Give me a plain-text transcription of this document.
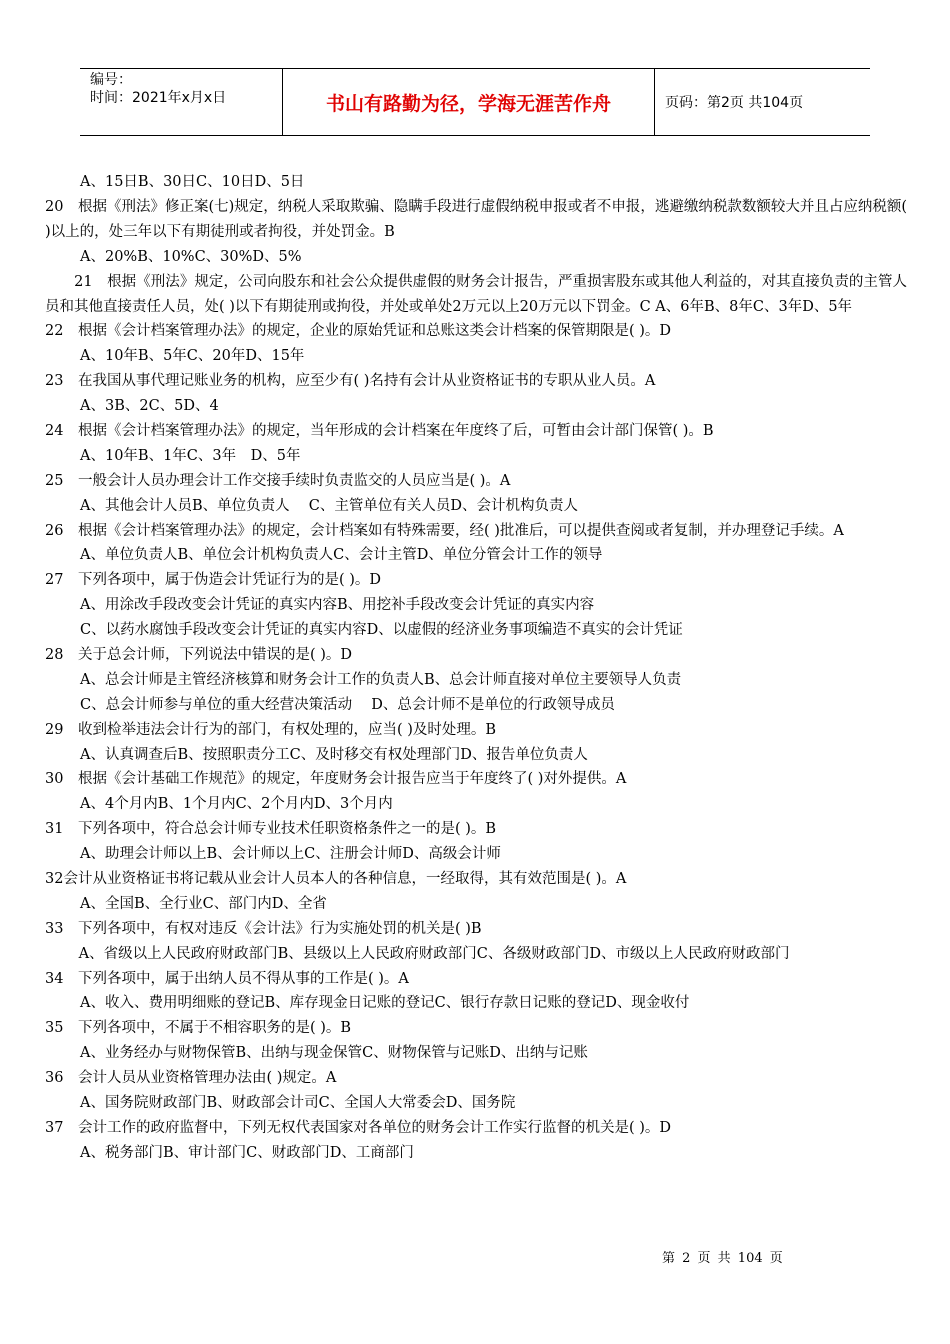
编号：
时间：2021年x月x日	书山有路勤为径，学海无涯苦作舟	页码：第2页 共104页
A、15日B、30日C、10日D、5日
20　根据《刑法》修正案(七)规定，纳税人采取欺骗、隐瞒手段进行虚假纳税申报或者不申报，逃避缴纳税款数额较大并且占应纳税额( )以上的，处三年以下有期徒刑或者拘役，并处罚金。B
A、20%B、10%C、30%D、5%
　　21　根据《刑法》规定，公司向股东和社会公众提供虚假的财务会计报告，严重损害股东或其他人利益的，对其直接负责的主管人员和其他直接责任人员，处( )以下有期徒刑或拘役，并处或单处2万元以上20万元以下罚金。C A、6年B、8年C、3年D、5年
22　根据《会计档案管理办法》的规定，企业的原始凭证和总账这类会计档案的保管期限是( )。D
A、10年B、5年C、20年D、15年
23　在我国从事代理记账业务的机构，应至少有( )名持有会计从业资格证书的专职从业人员。A
A、3B、2C、5D、4
24　根据《会计档案管理办法》的规定，当年形成的会计档案在年度终了后，可暂由会计部门保管( )。B
A、10年B、1年C、3年　D、5年
25　一般会计人员办理会计工作交接手续时负责监交的人员应当是( )。A
A、其他会计人员B、单位负责人　 C、主管单位有关人员D、会计机构负责人
26　根据《会计档案管理办法》的规定，会计档案如有特殊需要，经( )批准后，可以提供查阅或者复制，并办理登记手续。A
A、单位负责人B、单位会计机构负责人C、会计主管D、单位分管会计工作的领导
27　下列各项中，属于伪造会计凭证行为的是( )。D
A、用涂改手段改变会计凭证的真实内容B、用挖补手段改变会计凭证的真实内容
C、以药水腐蚀手段改变会计凭证的真实内容D、以虚假的经济业务事项编造不真实的会计凭证
28　关于总会计师，下列说法中错误的是( )。D
A、总会计师是主管经济核算和财务会计工作的负责人B、总会计师直接对单位主要领导人负责
C、总会计师参与单位的重大经营决策活动　 D、总会计师不是单位的行政领导成员
29　收到检举违法会计行为的部门，有权处理的，应当( )及时处理。B
A、认真调查后B、按照职责分工C、及时移交有权处理部门D、报告单位负责人
30　根据《会计基础工作规范》的规定，年度财务会计报告应当于年度终了( )对外提供。A
A、4个月内B、1个月内C、2个月内D、3个月内
31　下列各项中，符合总会计师专业技术任职资格条件之一的是( )。B
A、助理会计师以上B、会计师以上C、注册会计师D、高级会计师
32会计从业资格证书将记载从业会计人员本人的各种信息，一经取得，其有效范围是( )。A
A、全国B、全行业C、部门内D、全省
33　下列各项中，有权对违反《会计法》行为实施处罚的机关是( )B
　　 A、省级以上人民政府财政部门B、县级以上人民政府财政部门C、各级财政部门D、市级以上人民政府财政部门
34　下列各项中，属于出纳人员不得从事的工作是( )。A
A、收入、费用明细账的登记B、库存现金日记账的登记C、银行存款日记账的登记D、现金收付
35　下列各项中，不属于不相容职务的是( )。B
A、业务经办与财物保管B、出纳与现金保管C、财物保管与记账D、出纳与记账
36　会计人员从业资格管理办法由( )规定。A
A、国务院财政部门B、财政部会计司C、全国人大常委会D、国务院
37　会计工作的政府监督中，下列无权代表国家对各单位的财务会计工作实行监督的机关是( )。D
A、税务部门B、审计部门C、财政部门D、工商部门
第 2 页 共 104 页
